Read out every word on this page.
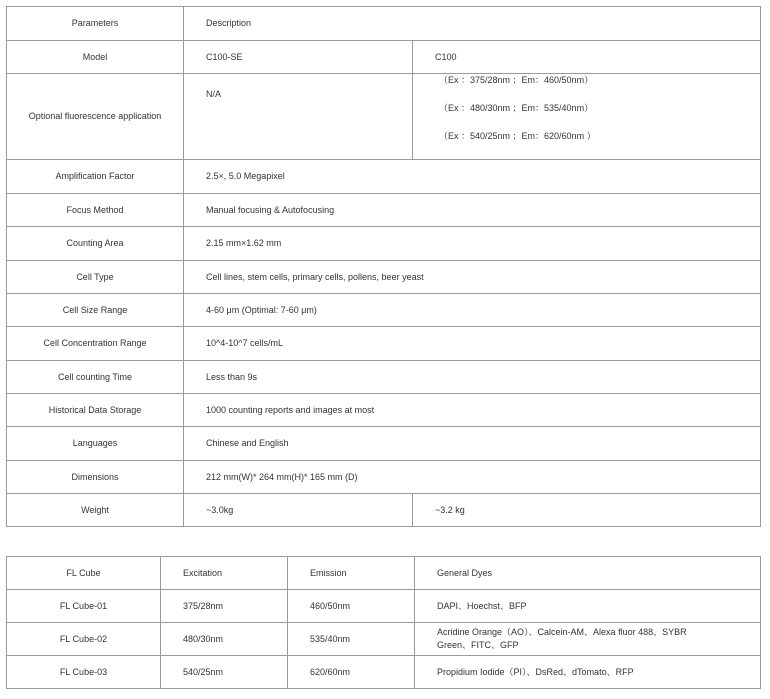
Parameters	Description	
Model	C100-SE	C100
Optional fluorescence application	N/A	（Ex ：375/28nm ；Em：460/50nm）
（Ex ：480/30nm ；Em：535/40nm）
（Ex ：540/25nm ；Em：620/60nm ）

Amplification Factor	2.5×, 5.0 Megapixel	
Focus Method	Manual focusing & Autofocusing	
Counting Area	2.15 mm×1.62 mm	
Cell Type	Cell lines, stem cells, primary cells, pollens, beer yeast	
Cell Size Range	4-60 μm (Optimal: 7-60 μm)	
Cell Concentration Range	10^4-10^7 cells/mL	
Cell counting Time	Less than 9s	
Historical Data Storage	1000 counting reports and images at most	
Languages	Chinese and English	
Dimensions	212 mm(W)* 264 mm(H)* 165 mm (D)	
Weight	~3.0kg	~3.2 kg
FL Cube	Excitation	Emission	General Dyes
FL Cube-01	375/28nm	460/50nm	DAPI、Hoechst、BFP
FL Cube-02	480/30nm	535/40nm	Acridine Orange（AO）、Calcein-AM、Alexa fluor 488、SYBR Green、FITC、GFP
FL Cube-03	540/25nm	620/60nm	Propidium Iodide（PI）、DsRed、dTomato、RFP
